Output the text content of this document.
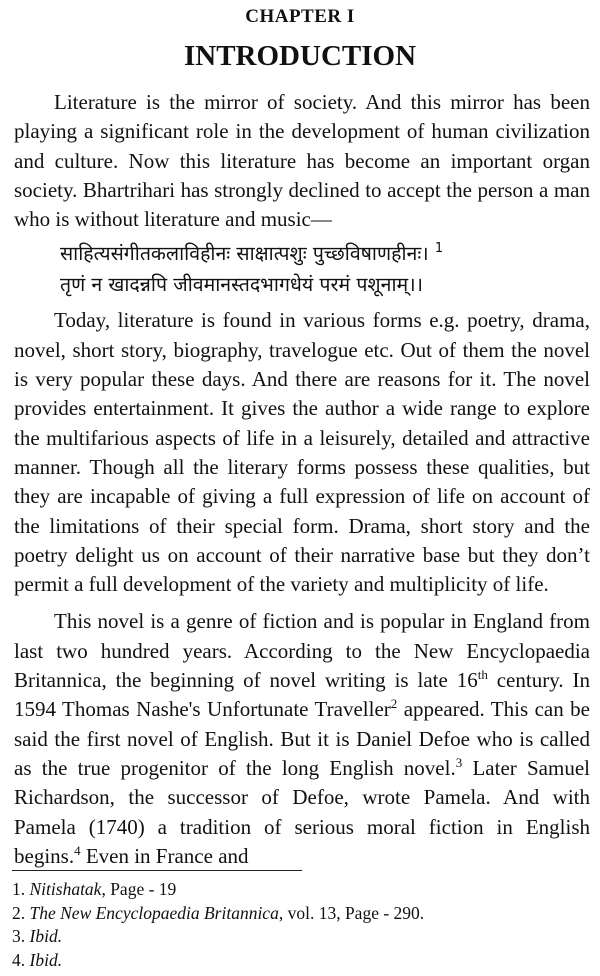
CHAPTER I
INTRODUCTION

Literature is the mirror of society. And this mirror has been playing a significant role in the development of human civilization and culture. Now this literature has become an important organ society. Bhartrihari has strongly declined to accept the person a man who is without literature and music—

साहित्यसंगीतकलाविहीनः साक्षात्पशुः पुच्छविषाणहीनः। $^1$
तृणं न खादन्नपि जीवमानस्तदभागधेयं परमं पशूनाम्।।

Today, literature is found in various forms e.g. poetry, drama, novel, short story, biography, travelogue etc. Out of them the novel is very popular these days. And there are reasons for it. The novel provides entertainment. It gives the author a wide range to explore the multifarious aspects of life in a leisurely, detailed and attractive manner. Though all the literary forms possess these qualities, but they are incapable of giving a full expression of life on account of the limitations of their special form. Drama, short story and the poetry delight us on account of their narrative base but they don’t permit a full development of the variety and multiplicity of life.

This novel is a genre of fiction and is popular in England from last two hundred years. According to the New Encyclopaedia Britannica, the beginning of novel writing is late 16th century. In 1594 Thomas Nashe's Unfortunate Traveller$^2$ appeared. This can be said the first novel of English. But it is Daniel Defoe who is called as the true progenitor of the long English novel.$^3$ Later Samuel Richardson, the successor of Defoe, wrote Pamela. And with Pamela (1740) a tradition of serious moral fiction in English begins.$^4$ Even in France and

1. Nitishatak, Page - 19
2. The New Encyclopaedia Britannica, vol. 13, Page - 290.
3. Ibid.
4. Ibid.
